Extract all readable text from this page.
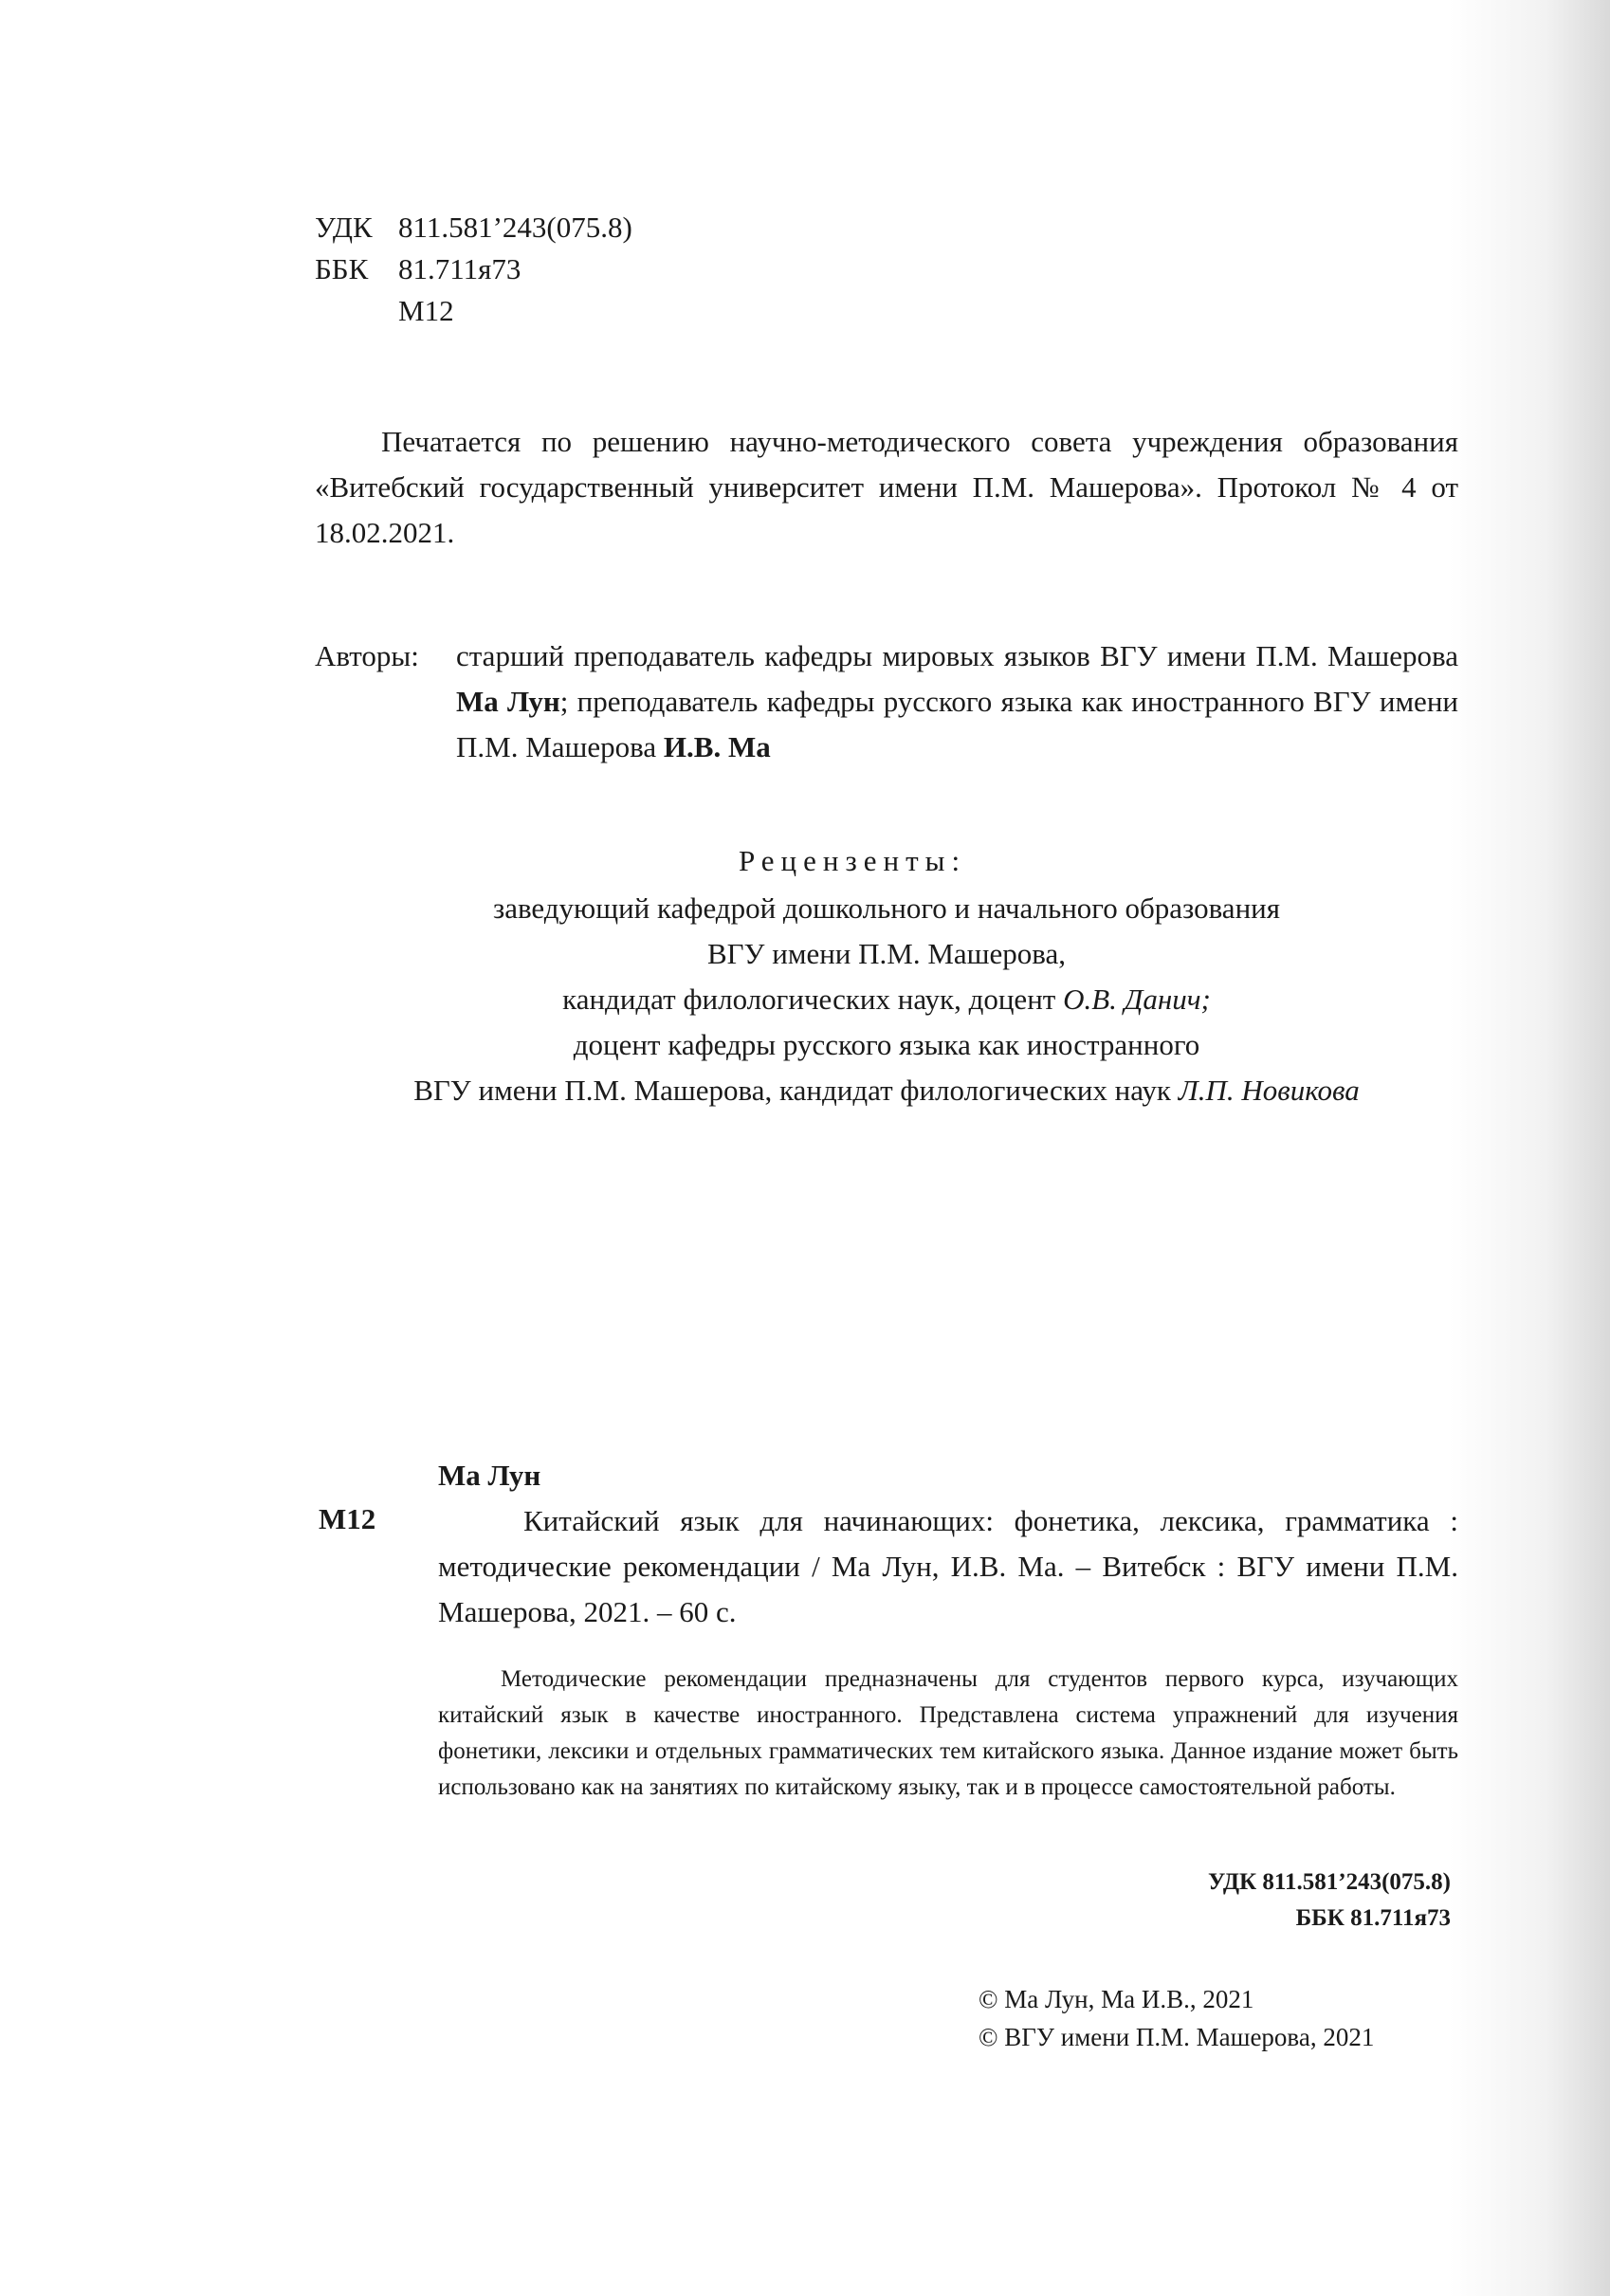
УДК 811.581’243(075.8)
ББК 81.711я73
М12
Печатается по решению научно-методического совета учреждения образования «Витебский государственный университет имени П.М. Машерова». Протокол № 4 от 18.02.2021.
Авторы: старший преподаватель кафедры мировых языков ВГУ имени П.М. Машерова Ма Лун; преподаватель кафедры русского языка как иностранного ВГУ имени П.М. Машерова И.В. Ма
Рецензенты:
заведующий кафедрой дошкольного и начального образования
ВГУ имени П.М. Машерова,
кандидат филологических наук, доцент О.В. Данич;
доцент кафедры русского языка как иностранного
ВГУ имени П.М. Машерова, кандидат филологических наук Л.П. Новикова
Ма Лун
М12	Китайский язык для начинающих: фонетика, лексика, грамматика : методические рекомендации / Ма Лун, И.В. Ма. – Витебск : ВГУ имени П.М. Машерова, 2021. – 60 с.
Методические рекомендации предназначены для студентов первого курса, изучающих китайский язык в качестве иностранного. Представлена система упражнений для изучения фонетики, лексики и отдельных грамматических тем китайского языка. Данное издание может быть использовано как на занятиях по китайскому языку, так и в процессе самостоятельной работы.
УДК 811.581’243(075.8)
ББК 81.711я73
© Ма Лун, Ма И.В., 2021
© ВГУ имени П.М. Машерова, 2021
